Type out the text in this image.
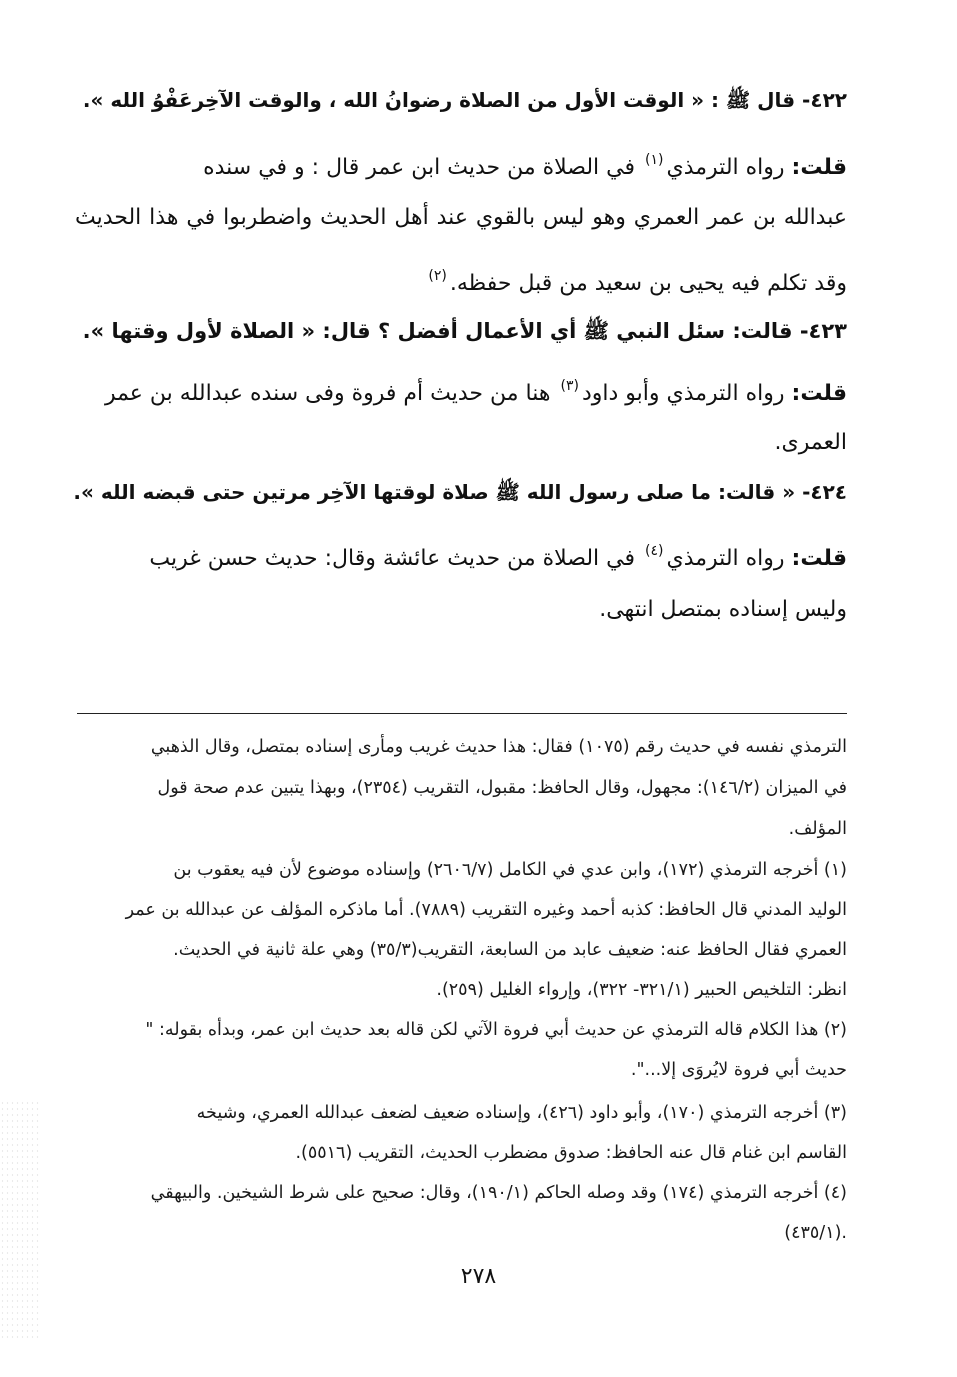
٤٢٢- قال ﷺ : « الوقت الأول من الصلاة رضوانُ الله ، والوقت الآخِرعَفْوُ الله ».
قلت: رواه الترمذي$^{(١)}$ في الصلاة من حديث ابن عمر قال : و في سنده
عبدالله بن عمر العمري وهو ليس بالقوي عند أهل الحديث واضطربوا في هذا الحديث
وقد تكلم فيه يحيى بن سعيد من قبل حفظه.$^{(٢)}$
٤٢٣- قالت: سئل النبي ﷺ أي الأعمال أفضل ؟ قال: « الصلاة لأول وقتها ».
قلت: رواه الترمذي وأبو داود$^{(٣)}$ هنا من حديث أم فروة وفى سنده عبدالله بن عمر
العمرى.
٤٢٤- « قالت: ما صلى رسول الله ﷺ صلاة لوقتها الآخِر مرتين حتى قبضه الله ».
قلت: رواه الترمذي$^{(٤)}$ في الصلاة من حديث عائشة وقال: حديث حسن غريب
وليس إسناده بمتصل انتهى.
الترمذي نفسه في حديث رقم (١٠٧٥) فقال: هذا حديث غريب ومأرى إسناده بمتصل، وقال الذهبي
في الميزان (١٤٦/٢): مجهول، وقال الحافظ: مقبول، التقريب (٢٣٥٤)، وبهذا يتبين عدم صحة قول
المؤلف.
(١) أخرجه الترمذي (١٧٢)، وابن عدي في الكامل (٢٦٠٦/٧) وإسناده موضوع لأن فيه يعقوب بن
الوليد المدني قال الحافظ: كذبه أحمد وغيره التقريب (٧٨٨٩). أما ماذكره المؤلف عن عبدالله بن عمر
العمري فقال الحافظ عنه: ضعيف عابد من السابعة، التقريب(٣٥/٣) وهي علة ثانية في الحديث.
انظر: التلخيص الحبير (٣٢١/١- ٣٢٢)، وإرواء الغليل (٢٥٩).
(٢) هذا الكلام قاله الترمذي عن حديث أبي فروة الآتي لكن قاله بعد حديث ابن عمر، وبدأه بقوله: "
حديث أبي فروة لايُروَى إلا...".
(٣) أخرجه الترمذي (١٧٠)، وأبو داود (٤٢٦)، وإسناده ضعيف لضعف عبدالله العمري، وشيخه
القاسم ابن غنام قال عنه الحافظ: صدوق مضطرب الحديث، التقريب (٥٥١٦).
(٤) أخرجه الترمذي (١٧٤) وقد وصله الحاكم (١٩٠/١)، وقال: صحيح على شرط الشيخين. والبيهقي
(٤٣٥/١).
٢٧٨
